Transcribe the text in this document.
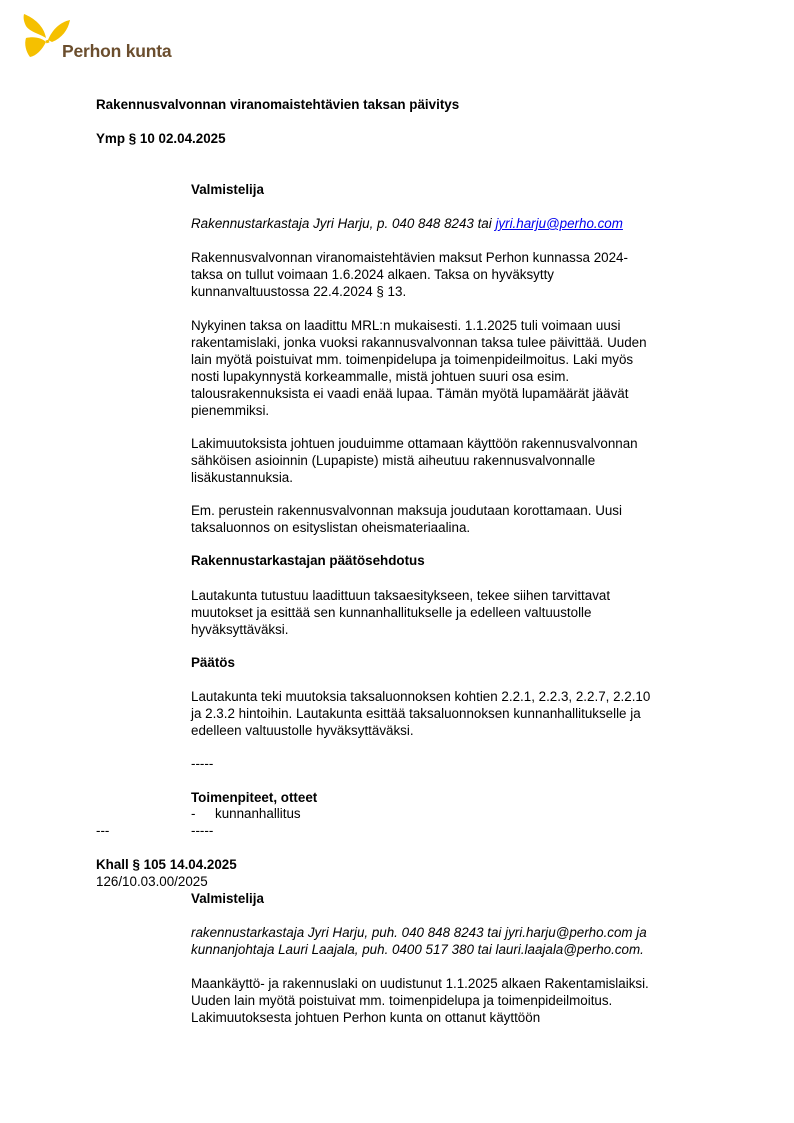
Perhon kunta
Rakennusvalvonnan viranomaistehtävien taksan päivitys
Ymp § 10 02.04.2025
Valmistelija
Rakennustarkastaja Jyri Harju, p. 040 848 8243 tai jyri.harju@perho.com
Rakennusvalvonnan viranomaistehtävien maksut Perhon kunnassa 2024-
taksa on tullut voimaan 1.6.2024 alkaen. Taksa on hyväksytty
kunnanvaltuustossa 22.4.2024 § 13.
Nykyinen taksa on laadittu MRL:n mukaisesti. 1.1.2025 tuli voimaan uusi
rakentamislaki, jonka vuoksi rakannusvalvonnan taksa tulee päivittää. Uuden
lain myötä poistuivat mm. toimenpidelupa ja toimenpideilmoitus. Laki myös
nosti lupakynnystä korkeammalle, mistä johtuen suuri osa esim.
talousrakennuksista ei vaadi enää lupaa. Tämän myötä lupamäärät jäävät
pienemmiksi.
Lakimuutoksista johtuen jouduimme ottamaan käyttöön rakennusvalvonnan
sähköisen asioinnin (Lupapiste) mistä aiheutuu rakennusvalvonnalle
lisäkustannuksia.
Em. perustein rakennusvalvonnan maksuja joudutaan korottamaan. Uusi
taksaluonnos on esityslistan oheismateriaalina.
Rakennustarkastajan päätösehdotus
Lautakunta tutustuu laadittuun taksaesitykseen, tekee siihen tarvittavat
muutokset ja esittää sen kunnanhallitukselle ja edelleen valtuustolle
hyväksyttäväksi.
Päätös
Lautakunta teki muutoksia taksaluonnoksen kohtien 2.2.1, 2.2.3, 2.2.7, 2.2.10
ja 2.3.2 hintoihin. Lautakunta esittää taksaluonnoksen kunnanhallitukselle ja
edelleen valtuustolle hyväksyttäväksi.
-----
Toimenpiteet, otteet
- kunnanhallitus
---	-----
Khall § 105 14.04.2025
126/10.03.00/2025
Valmistelija
rakennustarkastaja Jyri Harju, puh. 040 848 8243 tai jyri.harju@perho.com ja
kunnanjohtaja Lauri Laajala, puh. 0400 517 380 tai lauri.laajala@perho.com.
Maankäyttö- ja rakennuslaki on uudistunut 1.1.2025 alkaen Rakentamislaiksi.
Uuden lain myötä poistuivat mm. toimenpidelupa ja toimenpideilmoitus.
Lakimuutoksesta johtuen Perhon kunta on ottanut käyttöön
